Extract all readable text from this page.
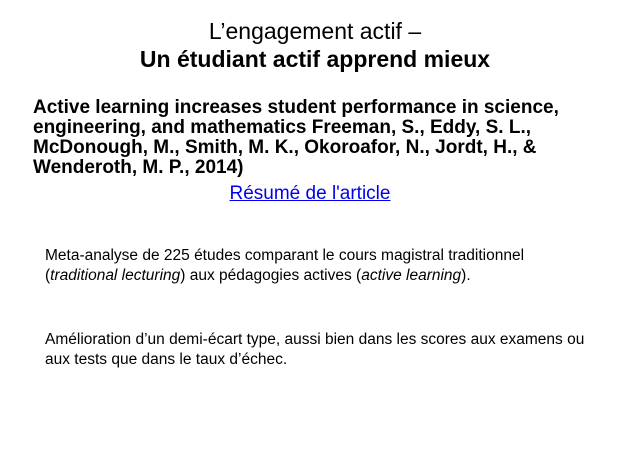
L’engagement actif –
Un étudiant actif apprend mieux
Active learning increases student performance in science, engineering, and mathematics Freeman, S., Eddy, S. L., McDonough, M., Smith, M. K., Okoroafor, N., Jordt, H., & Wenderoth, M. P., 2014)
Résumé de l'article
Meta-analyse de 225 études comparant le cours magistral traditionnel (traditional lecturing) aux pédagogies actives (active learning).
Amélioration d’un demi-écart type, aussi bien dans les scores aux examens ou aux tests que dans le taux d’échec.
